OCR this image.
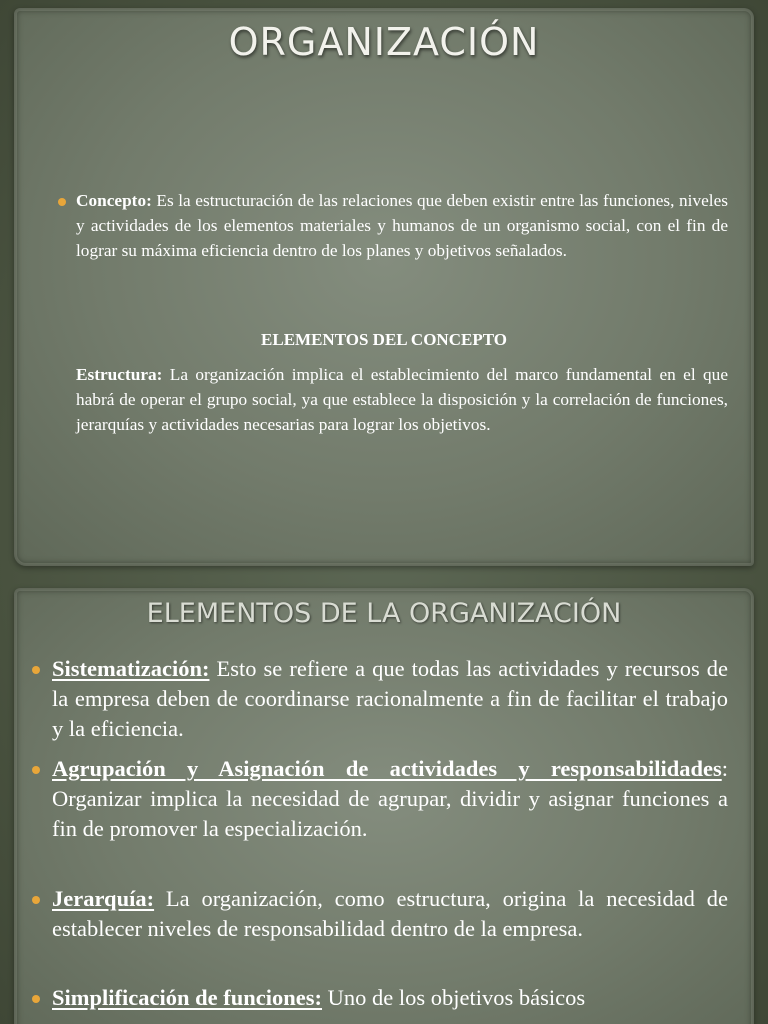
ORGANIZACIÓN

Concepto: Es la estructuración de las relaciones que deben existir entre las funciones, niveles y actividades de los elementos materiales y humanos de un organismo social, con el fin de lograr su máxima eficiencia dentro de los planes y objetivos señalados.

ELEMENTOS DEL CONCEPTO

Estructura: La organización implica el establecimiento del marco fundamental en el que habrá de operar el grupo social, ya que establece la disposición y la correlación de funciones, jerarquías y actividades necesarias para lograr los objetivos.

ELEMENTOS DE LA ORGANIZACIÓN

Sistematización: Esto se refiere a que todas las actividades y recursos de la empresa deben de coordinarse racionalmente a fin de facilitar el trabajo y la eficiencia.

Agrupación y Asignación de actividades y responsabilidades: Organizar implica la necesidad de agrupar, dividir y asignar funciones a fin de promover la especialización.

Jerarquía: La organización, como estructura, origina la necesidad de establecer niveles de responsabilidad dentro de la empresa.

Simplificación de funciones: Uno de los objetivos básicos
